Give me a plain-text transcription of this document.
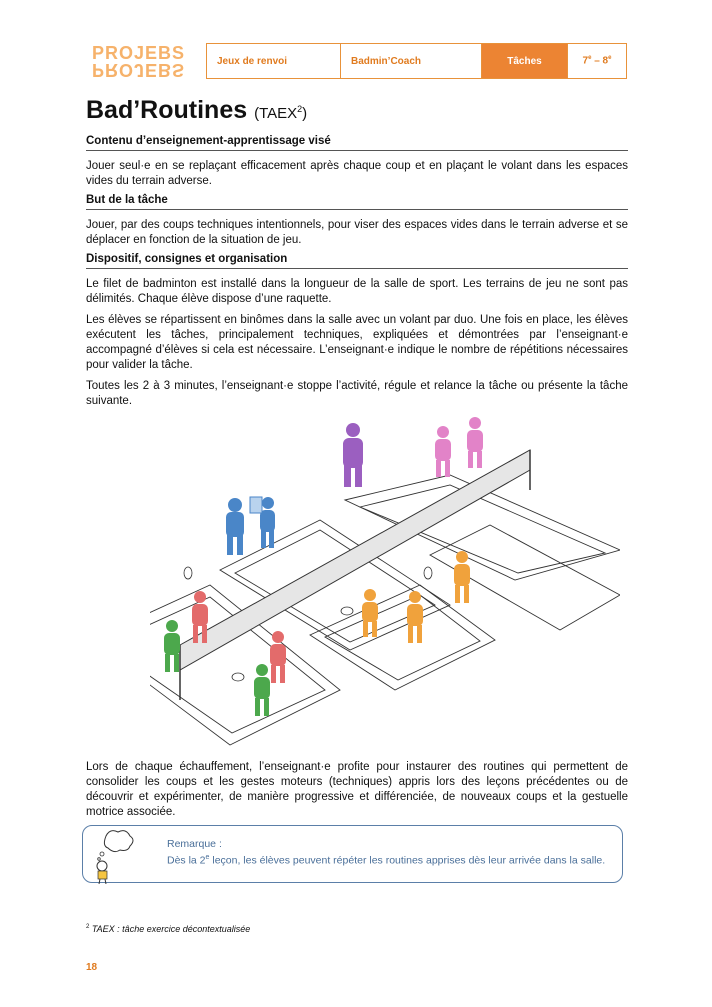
PROJEBS
PROJEBS	Jeux de renvoi	Badmin’Coach	Tâches	7e – 8e
Bad’Routines (TAEX$^2$)
Contenu d’enseignement-apprentissage visé

Jouer seul·e en se replaçant efficacement après chaque coup et en plaçant le volant dans les espaces vides du terrain adverse.

But de la tâche

Jouer, par des coups techniques intentionnels, pour viser des espaces vides dans le terrain adverse et se déplacer en fonction de la situation de jeu.

Dispositif, consignes et organisation

Le filet de badminton est installé dans la longueur de la salle de sport. Les terrains de jeu ne sont pas délimités. Chaque élève dispose d’une raquette.

Les élèves se répartissent en binômes dans la salle avec un volant par duo. Une fois en place, les élèves exécutent les tâches, principalement techniques, expliquées et démontrées par l’enseignant·e accompagné d’élèves si cela est nécessaire. L’enseignant·e indique le nombre de répétitions nécessaires pour valider la tâche.

Toutes les 2 à 3 minutes, l’enseignant·e stoppe l’activité, régule et relance la tâche ou présente la tâche suivante.

Lors de chaque échauffement, l’enseignant·e profite pour instaurer des routines qui permettent de consolider les coups et les gestes moteurs (techniques) appris lors des leçons précédentes ou de découvrir et expérimenter, de manière progressive et différenciée, de nouveaux coups et la gestuelle motrice associée.

Remarque :
Dès la 2e leçon, les élèves peuvent répéter les routines apprises dès leur arrivée dans la salle.
$^2$ TAEX : tâche exercice décontextualisée
18
